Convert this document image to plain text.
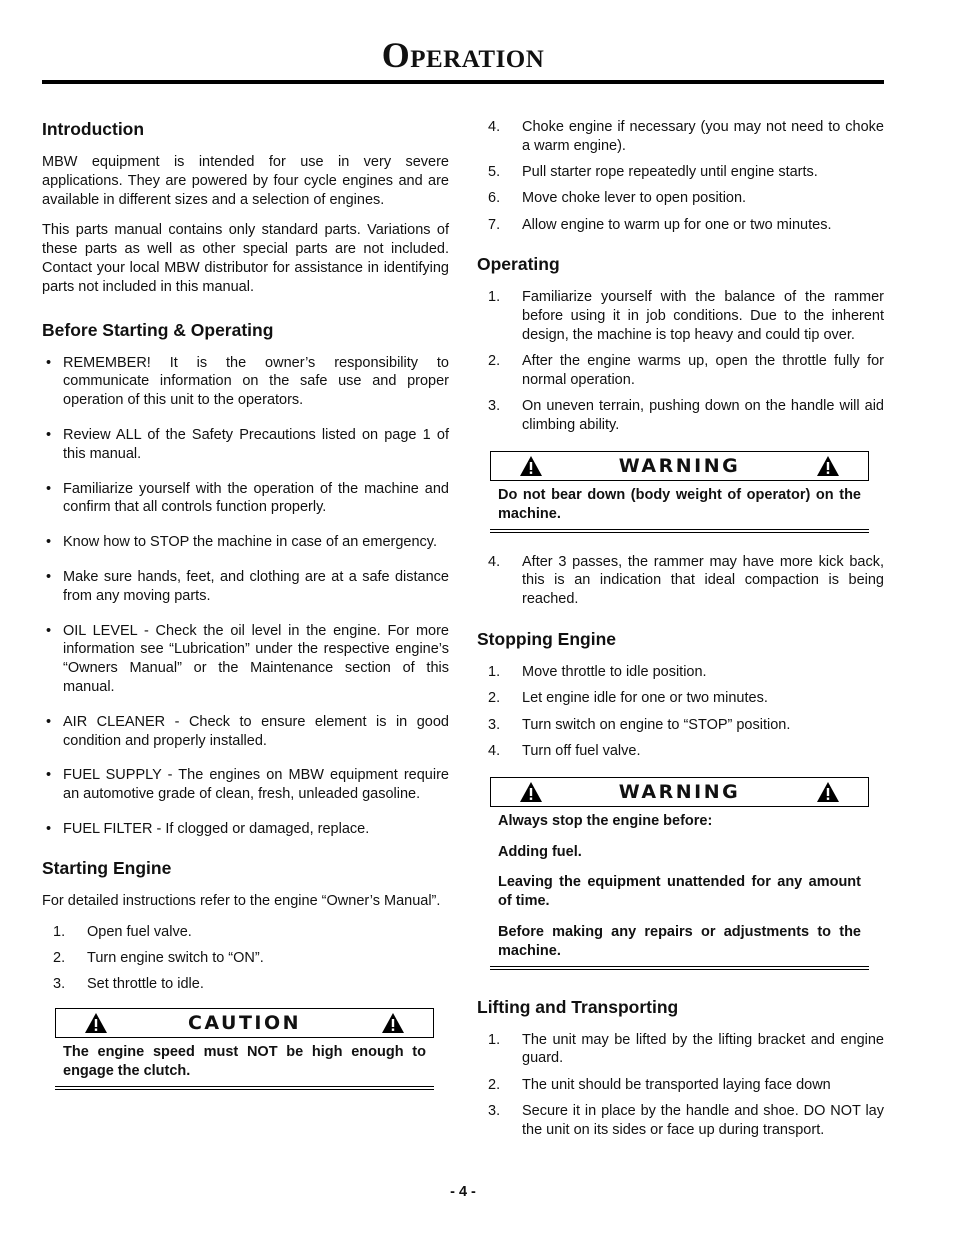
Operation
Introduction

MBW equipment is intended for use in very severe applications. They are powered by four cycle engines and are available in different sizes and a selection of engines.

This parts manual contains only standard parts. Variations of these parts as well as other special parts are not included. Contact your local MBW distributor for assistance in identifying parts not included in this manual.

Before Starting & Operating
• REMEMBER! It is the owner’s responsibility to communicate information on the safe use and proper operation of this unit to the operators.
• Review ALL of the Safety Precautions listed on page 1 of this manual.
• Familiarize yourself with the operation of the machine and confirm that all controls function properly.
• Know how to STOP the machine in case of an emergency.
• Make sure hands, feet, and clothing are at a safe distance from any moving parts.
• OIL LEVEL - Check the oil level in the engine. For more information see “Lubrication” under the respective engine’s “Owners Manual” or the Maintenance section of this manual.
• AIR CLEANER - Check to ensure element is in good condition and properly installed.
• FUEL SUPPLY - The engines on MBW equipment require an automotive grade of clean, fresh, unleaded gasoline.
• FUEL FILTER - If clogged or damaged, replace.
Starting Engine

For detailed instructions refer to the engine “Owner’s Manual”.

1. Open fuel valve.
2. Turn engine switch to “ON”.
3. Set throttle to idle.
CAUTION

The engine speed must NOT be high enough to engage the clutch.

4. Choke engine if necessary (you may not need to choke a warm engine).
5. Pull starter rope repeatedly until engine starts.
6. Move choke lever to open position.
7. Allow engine to warm up for one or two minutes.
Operating
1. Familiarize yourself with the balance of the rammer before using it in job conditions. Due to the inherent design, the machine is top heavy and could tip over.
2. After the engine warms up, open the throttle fully for normal operation.
3. On uneven terrain, pushing down on the handle will aid climbing ability.
WARNING

Do not bear down (body weight of operator) on the machine.

4. After 3 passes, the rammer may have more kick back, this is an indication that ideal compaction is being reached.
Stopping Engine
1. Move throttle to idle position.
2. Let engine idle for one or two minutes.
3. Turn switch on engine to “STOP” position.
4. Turn off fuel valve.
WARNING

Always stop the engine before:

Adding fuel.

Leaving the equipment unattended for any amount of time.

Before making any repairs or adjustments to the machine.

Lifting and Transporting
1. The unit may be lifted by the lifting bracket and engine guard.
2. The unit should be transported laying face down
3. Secure it in place by the handle and shoe. DO NOT lay the unit on its sides or face up during transport.
- 4 -
